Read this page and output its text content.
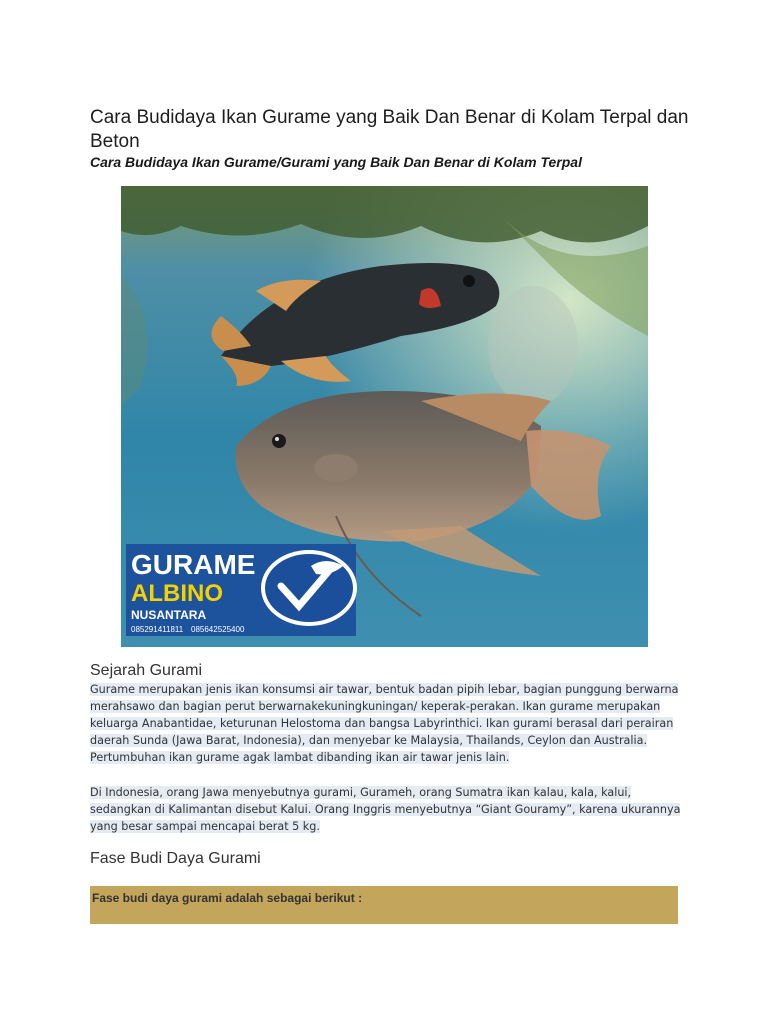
Cara Budidaya Ikan Gurame yang Baik Dan Benar di Kolam Terpal dan Beton
Cara Budidaya Ikan Gurame/Gurami yang Baik Dan Benar di Kolam Terpal
GURAME
ALBINO
NUSANTARA
085291411811 085642525400
Sejarah Gurami
Gurame merupakan jenis ikan konsumsi air tawar, bentuk badan pipih lebar, bagian punggung berwarna merahsawo dan bagian perut berwarnakekuningkuningan/ keperak-perakan. Ikan gurame merupakan keluarga Anabantidae, keturunan Helostoma dan bangsa Labyrinthici. Ikan gurami berasal dari perairan daerah Sunda (Jawa Barat, Indonesia), dan menyebar ke Malaysia, Thailands, Ceylon dan Australia. Pertumbuhan ikan gurame agak lambat dibanding ikan air tawar jenis lain.
Di Indonesia, orang Jawa menyebutnya gurami, Gurameh, orang Sumatra ikan kalau, kala, kalui, sedangkan di Kalimantan disebut Kalui. Orang Inggris menyebutnya “Giant Gouramy”, karena ukurannya yang besar sampai mencapai berat 5 kg.
Fase Budi Daya Gurami
Fase budi daya gurami adalah sebagai berikut :
